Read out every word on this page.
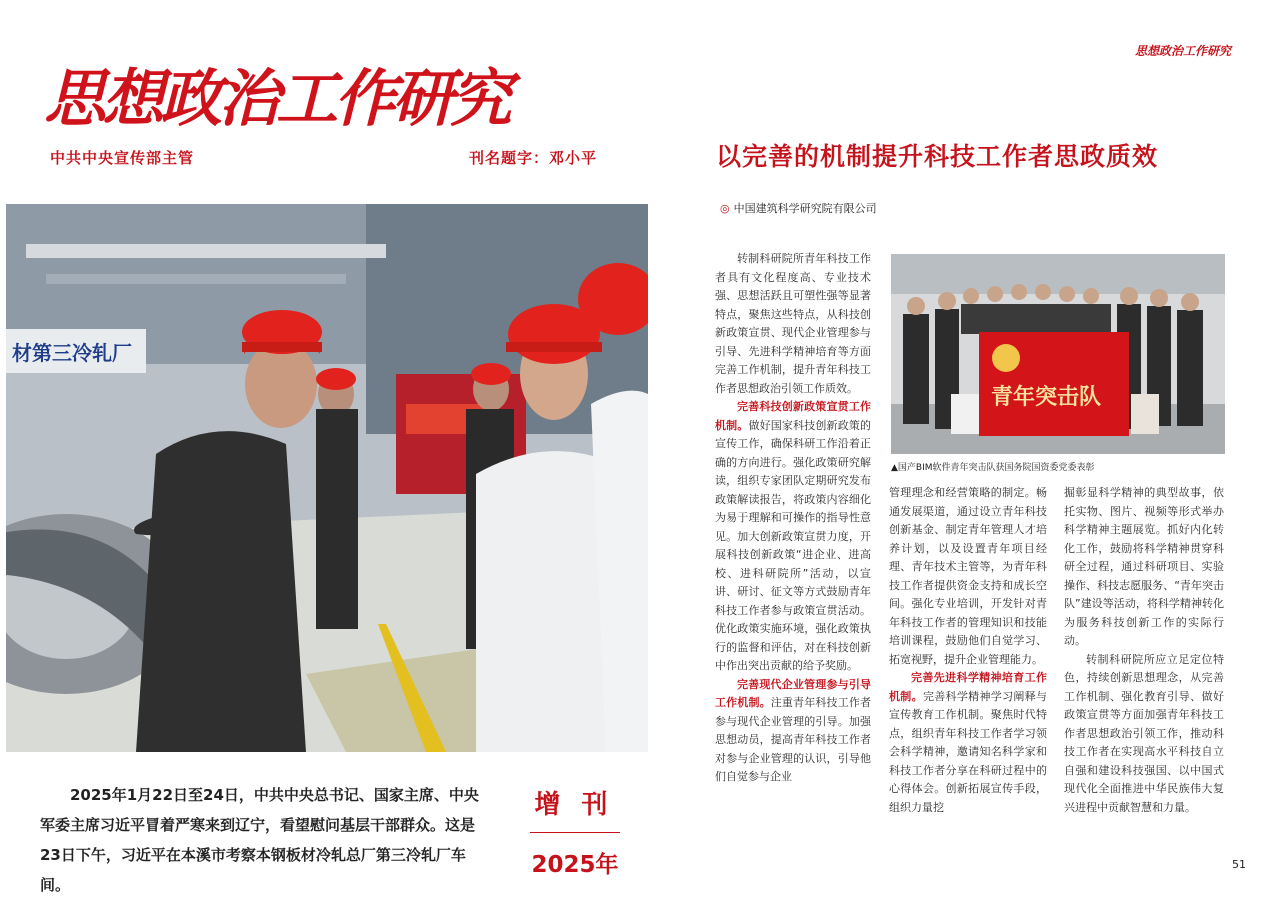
思想政治工作研究
中共中央宣传部主管	刊名题字：邓小平
材第三冷轧厂
2025年1月22日至24日，中共中央总书记、国家主席、中央军委主席习近平冒着严寒来到辽宁，看望慰问基层干部群众。这是23日下午，习近平在本溪市考察本钢板材冷轧总厂第三冷轧厂车间。
增 刊
2025年
思想政治工作研究
以完善的机制提升科技工作者思政质效
◎ 中国建筑科学研究院有限公司

转制科研院所青年科技工作者具有文化程度高、专业技术强、思想活跃且可塑性强等显著特点，聚焦这些特点，从科技创新政策宣贯、现代企业管理参与引导、先进科学精神培育等方面完善工作机制，提升青年科技工作者思想政治引领工作质效。

完善科技创新政策宣贯工作机制。做好国家科技创新政策的宣传工作，确保科研工作沿着正确的方向进行。强化政策研究解读，组织专家团队定期研究发布政策解读报告，将政策内容细化为易于理解和可操作的指导性意见。加大创新政策宣贯力度，开展科技创新政策“进企业、进高校、进科研院所”活动，以宣讲、研讨、征文等方式鼓励青年科技工作者参与政策宣贯活动。优化政策实施环境，强化政策执行的监督和评估，对在科技创新中作出突出贡献的给予奖励。

完善现代企业管理参与引导工作机制。注重青年科技工作者参与现代企业管理的引导。加强思想动员，提高青年科技工作者对参与企业管理的认识，引导他们自觉参与企业

青年突击队
▲国产BIM软件青年突击队获国务院国资委党委表彰

管理理念和经营策略的制定。畅通发展渠道，通过设立青年科技创新基金、制定青年管理人才培养计划，以及设置青年项目经理、青年技术主管等，为青年科技工作者提供资金支持和成长空间。强化专业培训，开发针对青年科技工作者的管理知识和技能培训课程，鼓励他们自觉学习、拓宽视野，提升企业管理能力。

完善先进科学精神培育工作机制。完善科学精神学习阐释与宣传教育工作机制。聚焦时代特点，组织青年科技工作者学习领会科学精神，邀请知名科学家和科技工作者分享在科研过程中的心得体会。创新拓展宣传手段，组织力量挖

掘彰显科学精神的典型故事，依托实物、图片、视频等形式举办科学精神主题展览。抓好内化转化工作，鼓励将科学精神贯穿科研全过程，通过科研项目、实验操作、科技志愿服务、“青年突击队”建设等活动，将科学精神转化为服务科技创新工作的实际行动。

转制科研院所应立足定位特色，持续创新思想理念，从完善工作机制、强化教育引导、做好政策宣贯等方面加强青年科技工作者思想政治引领工作，推动科技工作者在实现高水平科技自立自强和建设科技强国、以中国式现代化全面推进中华民族伟大复兴进程中贡献智慧和力量。

51
